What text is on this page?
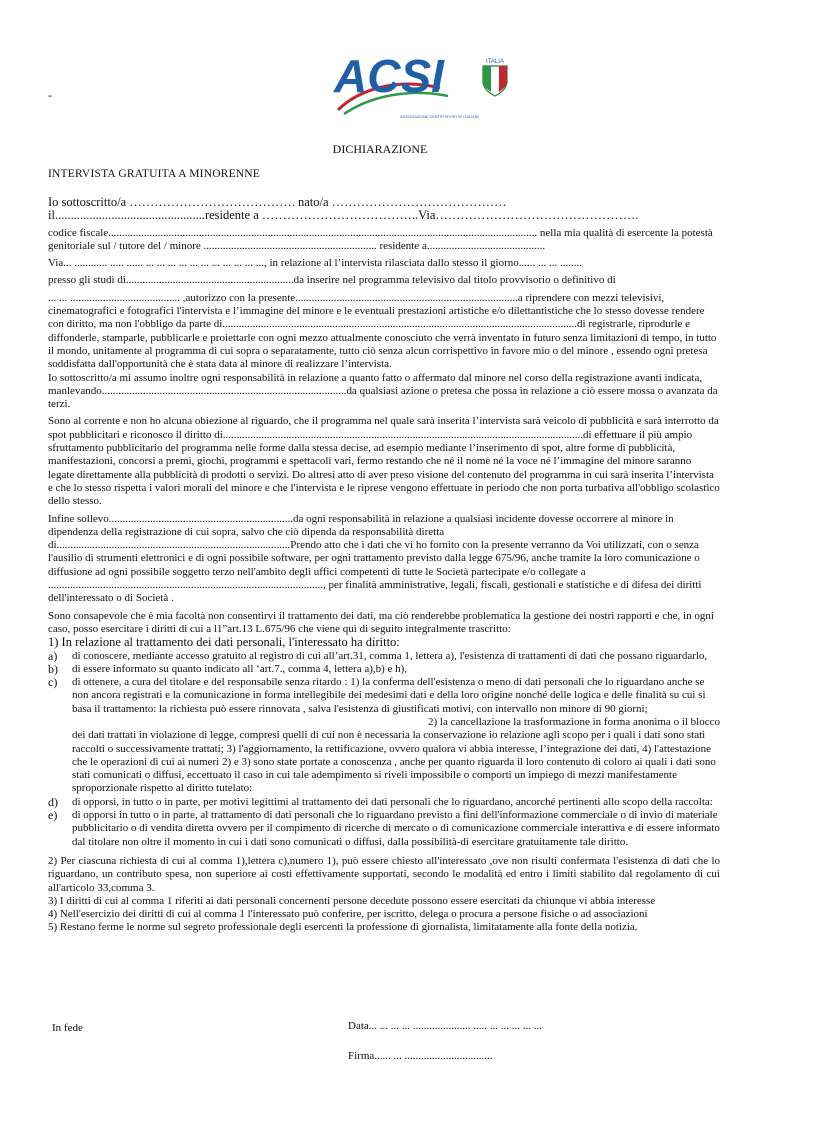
-	ACSI
ASSOCIAZIONE CENTRI SPORTIVI ITALIANI
ITALIA
DICHIARAZIONE
INTERVISTA GRATUITA A MINORENNE

Io sottoscritto/a …………………………………. nato/a ……………………………………

il................................................residente a ………………………………..Via………………………………………….

codice fiscale............................................................................................................................................................ nella mia qualità di esercente la potestà

genitoriale sul / tutore del / minore ............................................................... residente a...........................................

Via... ............ ..... ...... ... ... ... ... ... ... ... ... ... ... ..., in relazione al l’intervista rilasciata dallo stesso il giorno...... ... ... ........

presso gli studi di.............................................................da inserire nel programma televisivo dal titolo provvisorio o definitivo di

... ... ........................................ ,autorizzo con la presente.................................................................................a riprendere con mezzi televisivi, cinematografici e fotografici l'intervista e l’immagine del minore e le eventuali prestazioni artistiche e/o dilettantistiche che lo stesso dovesse rendere con diritto, ma non l'obbligo da parte di.................................................................................................................................di registrarle, riprodurle e diffonderle, stamparle, pubblicarle e proiettarle con ogni mezzo attualmente conosciuto che verrà inventato in futuro senza limitazioni di tempo, in tutto il mondo, unitamente al programma di cui sopra o separatamente, tutto ciò senza alcun corrispettivo in favore mio o del minore , essendo ogni pretesa soddisfatta dall'opportunità che è stata data al minore di realizzare l’intervista.

Io sottoscritto/a mi assumo inoltre ogni responsabilità in relazione a quanto fatto o affermato dal minore nel corso della registrazione avanti indicata, manlevando.........................................................................................da qualsiasi azione o pretesa che possa in relazione a ciò essere mossa o avanzata da terzi.

Sono al corrente e non ho alcuna obiezione al riguardo, che il programma nel quale sarà inserita l’intervista sarà veicolo di pubblicità e sarà interrotto da spot pubblicitari e riconosco il diritto di...................................................................................................................................di effettuare il più ampio sfruttamento pubblicitario del programma nelle forme dalla stessa decise, ad esempio mediante l’inserimento di spot, altre forme di pubblicità, manifestazioni, concorsi a premi, giochi, programmi e spettacoli vari, fermo restando che né il nome né la voce né l’immagine del minore saranno legate direttamente alla pubblicità di prodotti o servizi. Do altresì atto di aver preso visione del contenuto del programma in cui sarà inserita l’intervista e che lo stesso rispetta i valori morali del minore e che l'intervista e le riprese vengono effettuate in periodo che non porta turbativa all'obbligo scolastico dello stesso.

Infine sollevo...................................................................da ogni responsabilità in relazione a qualsiasi incidente dovesse occorrere al minore in dipendenza della registrazione di cui sopra, salvo che ciò dipenda da responsabilità diretta

di.....................................................................................Prendo atto che i dati che vi ho fornito con la presente verranno da Voi utilizzati, con o senza l'ausilio di strumenti elettronici e di ogni possibile software, per ogni trattamento previsto dalla legge 675/96, anche tramite la loro comunicazione o diffusione ad ogni possibile soggetto terzo nell'ambito degli uffici competenti di tutte le Società partecipate e/o collegate a ...................................................................................................., per finalità amministrative, legali, fiscali, gestionali e statistiche e di difesa dei diritti dell'interessato o di Società .

Sono consapevole che è mia facoltà non consentirvi il trattamento dei dati, ma ciò renderebbe problematica la gestione dei nostri rapporti e che, in ogni caso, posso esercitare i diritti di cui a l1”art.13 L.675/96 che viene qui di seguito integralmente trascritto:

1) In relazione al trattamento dei dati personali, l'interessato ha diritto:

a)	di conoscere, mediante accesso gratuito al registro di cui all’art.31, comma 1, lettera a), l'esistenza di trattamenti di dati che possano riguardarlo,
b)	di essere informato su quanto indicato all ‘art.7., comma 4, lettera a),b) e h),
c)	di ottenere, a cura del titolare e del responsabile senza ritardo : 1) la conferma dell'esistenza o meno di dati personali che lo riguardano anche se non ancora registrati e la comunicazione in forma intellegibile dei medesimi dati e della loro origine nonché delle logica e delle finalità su cui si basa il trattamento: la richiesta può essere rinnovata , salva l'esistenza di giustificati motivi, con intervallo non minore di 90 giorni;
2) la cancellazione la trasformazione in forma anonima o il blocco
dei dati trattati in violazione di legge, compresi quelli di cui non è necessaria la conservazione io relazione agli scopo per i quali i dati sono stati raccolti o successivamente trattati; 3) l'aggiornamento, la rettificazione, ovvero qualora vi abbia interesse, l’integrazione dei dati, 4) l'attestazione che le operazioni di cui ai numeri 2) e 3) sono state portate a conoscenza , anche per quanto riguarda il loro contenuto di coloro ai quali i dati sono stati comunicati o diffusi, eccettuato il caso in cui tale adempimento si riveli impossibile o comporti un impiego di mezzi manifestamente sproporzionale rispetto al diritto tutelato:
d)	di opporsi, in tutto o in parte, per motivi legittimi al trattamento dei dati personali che lo riguardano, ancorché pertinenti allo scopo della raccolta:
e)	di opporsi in tutto o in parte, al trattamento di dati personali che lo riguardano previsto a fini dell'informazione commerciale o di invio di materiale pubblicitario o di vendita diretta ovvero per il compimento di ricerche di mercato o di comunicazione commerciale interattiva e di essere informato dal titolare non oltre il momento in cui i dati sono comunicati o diffusi, dalla possibilità-di esercitare gratuitamente tale diritto.

2) Per ciascuna richiesta di cui al comma 1),lettera c),numero 1), può essere chiesto all'interessato ,ove non risulti confermata l'esistenza di dati che lo riguardano, un contributo spesa, non superiore ai costi effettivamente supportati, secondo le modalità ed entro i limiti stabilito dal regolamento di cui all'articolo 33,comma 3.

3) I diritti di cui al comma 1 riferiti ai dati personali concernenti persone decedute possono essere esercitati da chiunque vi abbia interesse

4) Nell'esercizio dei diritti di cui al comma 1 l'interessato può conferire, per iscritto, delega o procura a persone fisiche o ad associazioni

5) Restano ferme le norme sul segreto professionale degli esercenti la professione di giornalista, limitatamente alla fonte della notizia.

In fede	Data... ... ... ... ..................... ..... ... ... ... ... ...
Firma...... ... ................................
